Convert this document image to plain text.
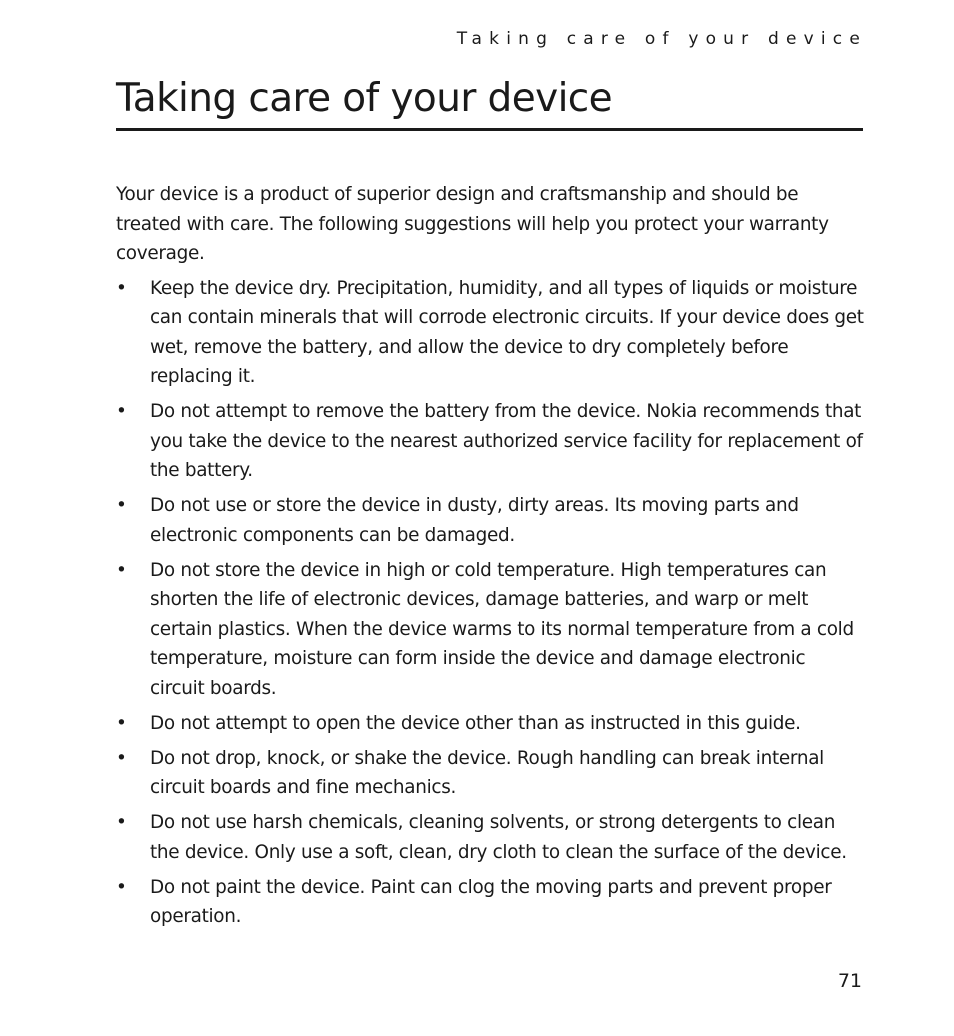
Taking care of your device
Taking care of your device

Your device is a product of superior design and craftsmanship and should be treated with care. The following suggestions will help you protect your warranty coverage.

• Keep the device dry. Precipitation, humidity, and all types of liquids or moisture can contain minerals that will corrode electronic circuits. If your device does get wet, remove the battery, and allow the device to dry completely before replacing it.
• Do not attempt to remove the battery from the device. Nokia recommends that you take the device to the nearest authorized service facility for replacement of the battery.
• Do not use or store the device in dusty, dirty areas. Its moving parts and electronic components can be damaged.
• Do not store the device in high or cold temperature. High temperatures can shorten the life of electronic devices, damage batteries, and warp or melt certain plastics. When the device warms to its normal temperature from a cold temperature, moisture can form inside the device and damage electronic circuit boards.
• Do not attempt to open the device other than as instructed in this guide.
• Do not drop, knock, or shake the device. Rough handling can break internal circuit boards and fine mechanics.
• Do not use harsh chemicals, cleaning solvents, or strong detergents to clean the device. Only use a soft, clean, dry cloth to clean the surface of the device.
• Do not paint the device. Paint can clog the moving parts and prevent proper operation.
71
